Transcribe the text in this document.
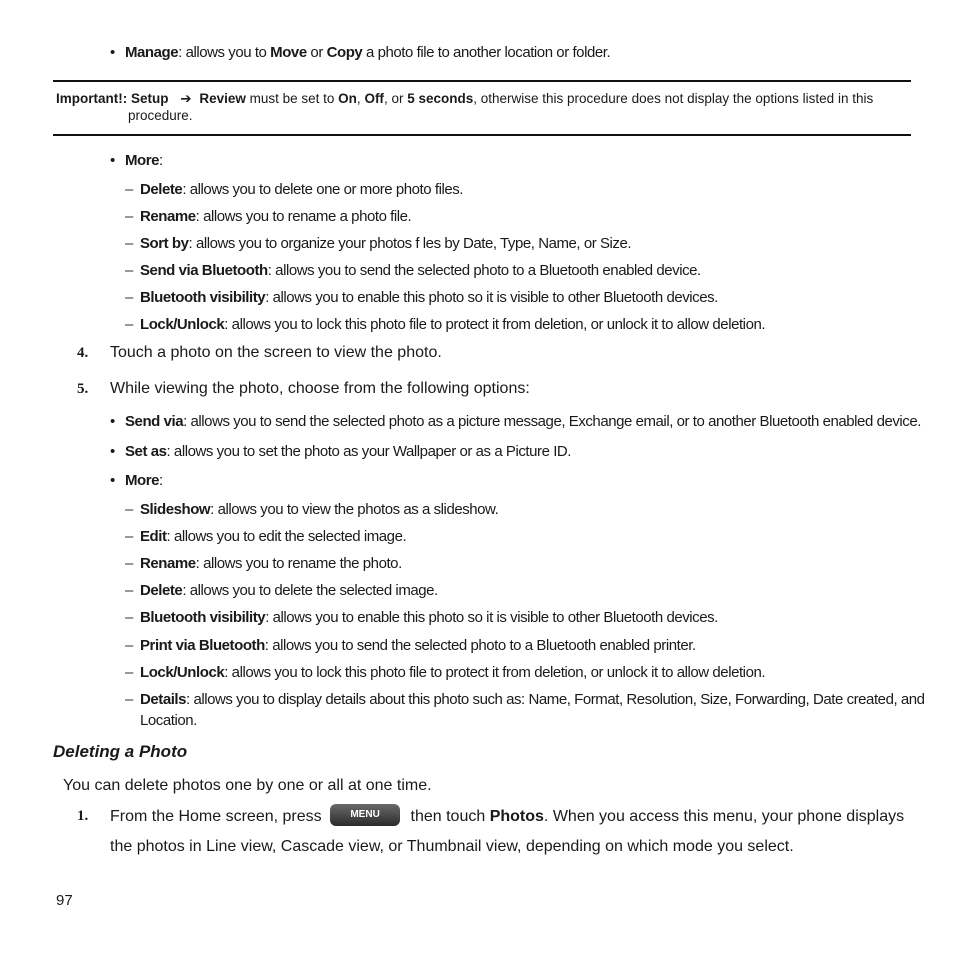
• Manage: allows you to Move or Copy a photo file to another location or folder.
Important!: Setup ➔ Review must be set to On, Off, or 5 seconds, otherwise this procedure does not display the options listed in this
procedure.
• More:
– Delete: allows you to delete one or more photo files.
– Rename: allows you to rename a photo file.
– Sort by: allows you to organize your photos f les by Date, Type, Name, or Size.
– Send via Bluetooth: allows you to send the selected photo to a Bluetooth enabled device.
– Bluetooth visibility: allows you to enable this photo so it is visible to other Bluetooth devices.
– Lock/Unlock: allows you to lock this photo file to protect it from deletion, or unlock it to allow deletion.
4. Touch a photo on the screen to view the photo.
5. While viewing the photo, choose from the following options:
• Send via: allows you to send the selected photo as a picture message, Exchange email, or to another Bluetooth enabled device.
• Set as: allows you to set the photo as your Wallpaper or as a Picture ID.
• More:
– Slideshow: allows you to view the photos as a slideshow.
– Edit: allows you to edit the selected image.
– Rename: allows you to rename the photo.
– Delete: allows you to delete the selected image.
– Bluetooth visibility: allows you to enable this photo so it is visible to other Bluetooth devices.
– Print via Bluetooth: allows you to send the selected photo to a Bluetooth enabled printer.
– Lock/Unlock: allows you to lock this photo file to protect it from deletion, or unlock it to allow deletion.
– Details: allows you to display details about this photo such as: Name, Format, Resolution, Size, Forwarding, Date created, and
Location.
Deleting a Photo
You can delete photos one by one or all at one time.
1. From the Home screen, press MENU then touch Photos. When you access this menu, your phone displays
the photos in Line view, Cascade view, or Thumbnail view, depending on which mode you select.
97
